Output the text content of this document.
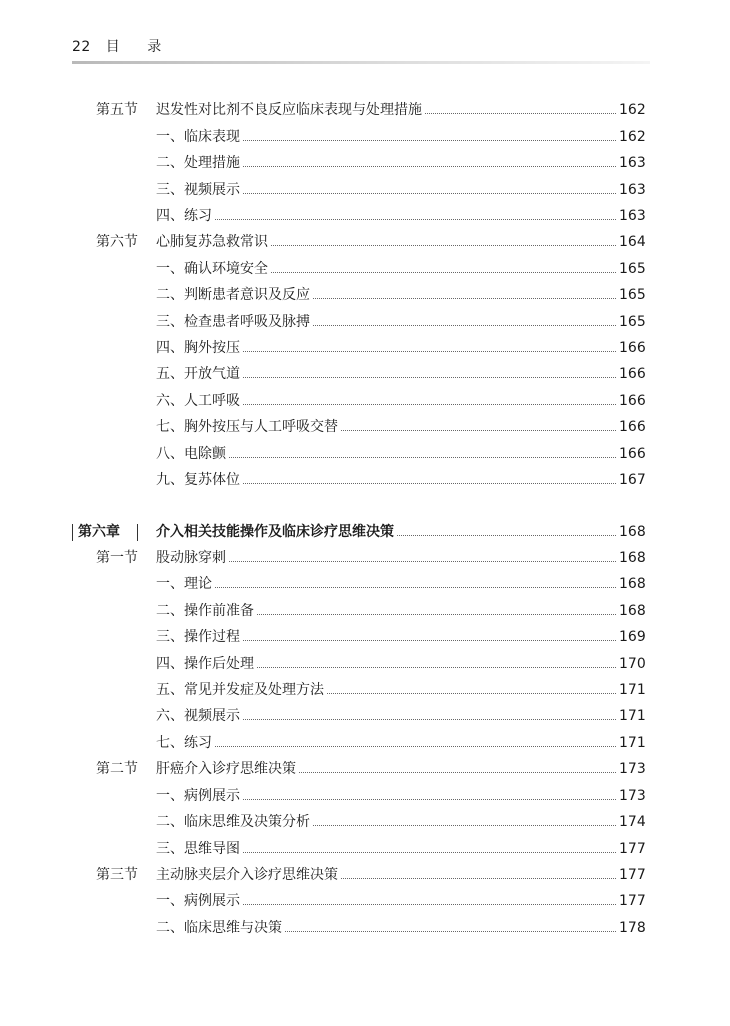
22 目 录
第五节 迟发性对比剂不良反应临床表现与处理措施	162
一、临床表现	162
二、处理措施	163
三、视频展示	163
四、练习	163
第六节 心肺复苏急救常识	164
一、确认环境安全	165
二、判断患者意识及反应	165
三、检查患者呼吸及脉搏	165
四、胸外按压	166
五、开放气道	166
六、人工呼吸	166
七、胸外按压与人工呼吸交替	166
八、电除颤	166
九、复苏体位	167
第六章	介入相关技能操作及临床诊疗思维决策	168
第一节 股动脉穿刺	168
一、理论	168
二、操作前准备	168
三、操作过程	169
四、操作后处理	170
五、常见并发症及处理方法	171
六、视频展示	171
七、练习	171
第二节 肝癌介入诊疗思维决策	173
一、病例展示	173
二、临床思维及决策分析	174
三、思维导图	177
第三节 主动脉夹层介入诊疗思维决策	177
一、病例展示	177
二、临床思维与决策	178
